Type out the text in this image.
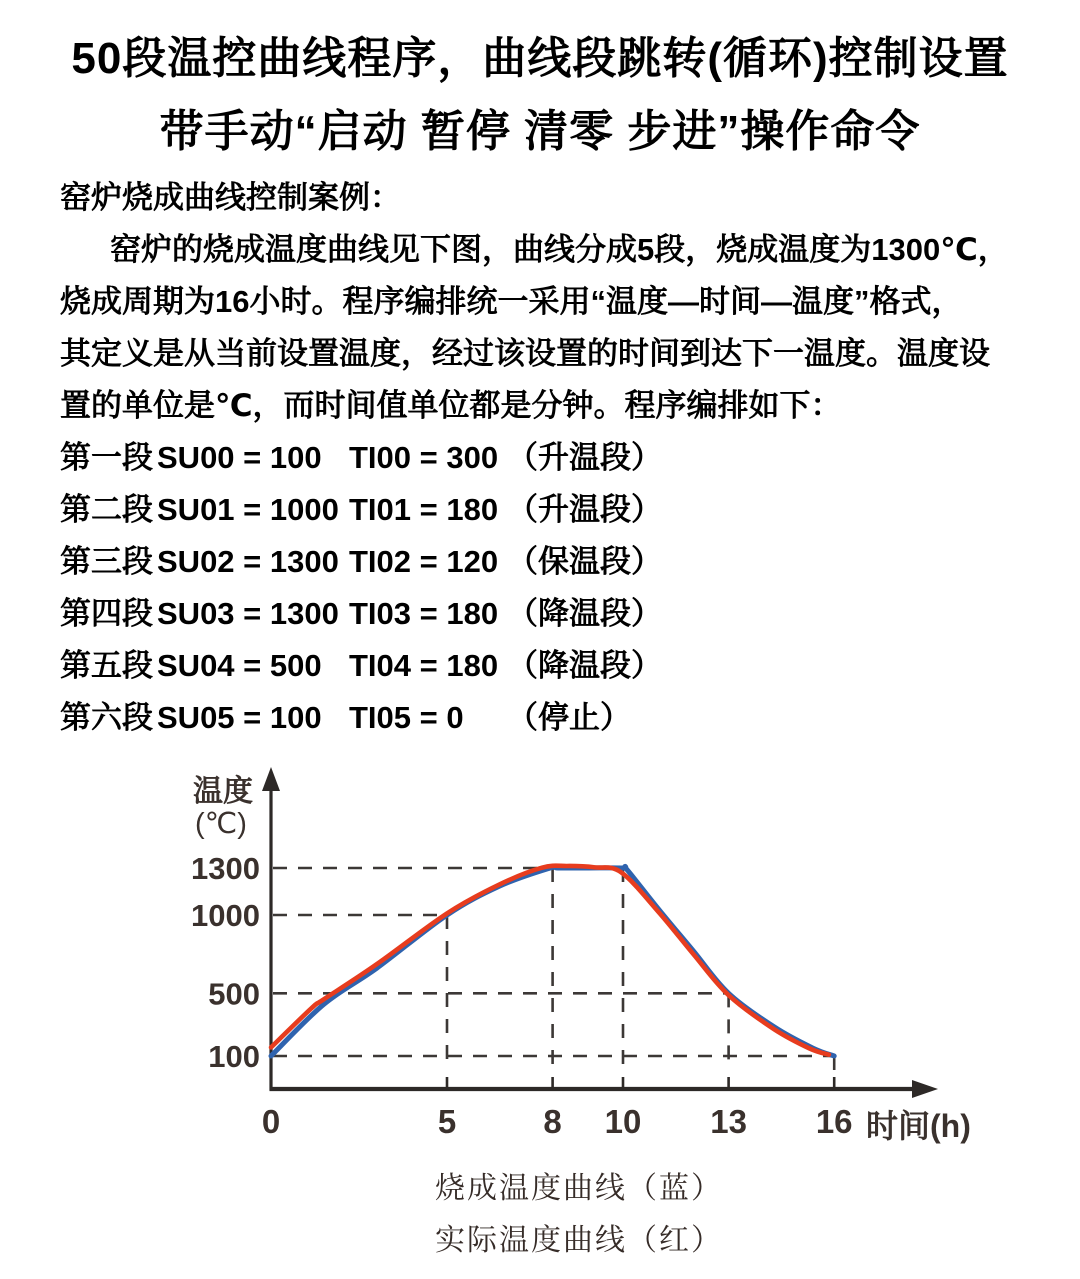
50段温控曲线程序，曲线段跳转(循环)控制设置
带手动“启动 暂停 清零 步进”操作命令
窑炉烧成曲线控制案例：
窑炉的烧成温度曲线见下图，曲线分成5段，烧成温度为1300℃，
烧成周期为16小时。程序编排统一采用“温度—时间—温度”格式，
其定义是从当前设置温度，经过该设置的时间到达下一温度。温度设
置的单位是℃，而时间值单位都是分钟。程序编排如下：
第一段 SU00 = 100 TI00 = 300 （升温段）
第二段 SU01 = 1000 TI01 = 180 （升温段）
第三段 SU02 = 1300 TI02 = 120 （保温段）
第四段 SU03 = 1300 TI03 = 180 （降温段）
第五段 SU04 = 500 TI04 = 180 （降温段）
第六段 SU05 = 100 TI05 = 0	（停止）
0	5	8 10 13 16
1300
1000
500
100
温度
(℃)
时间(h)
烧成温度曲线（蓝）
实际温度曲线（红）
